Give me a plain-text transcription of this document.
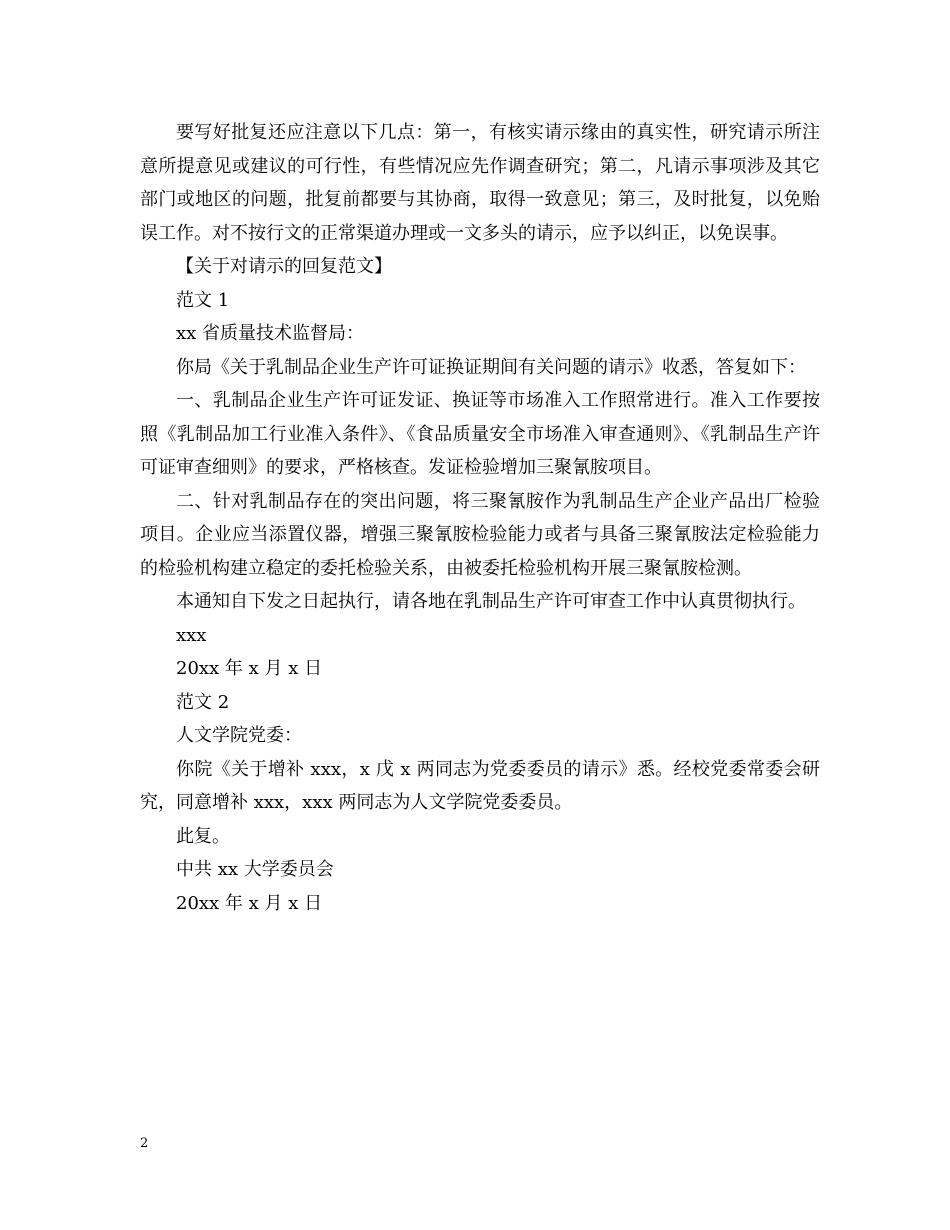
要写好批复还应注意以下几点：第一，有核实请示缘由的真实性，研究请示所注意所提意见或建议的可行性，有些情况应先作调查研究；第二，凡请示事项涉及其它部门或地区的问题，批复前都要与其协商，取得一致意见；第三，及时批复，以免贻误工作。对不按行文的正常渠道办理或一文多头的请示，应予以纠正，以免误事。

【关于对请示的回复范文】

范文 1

xx 省质量技术监督局：

你局《关于乳制品企业生产许可证换证期间有关问题的请示》收悉，答复如下：

一、乳制品企业生产许可证发证、换证等市场准入工作照常进行。准入工作要按照《乳制品加工行业准入条件》、《食品质量安全市场准入审查通则》、《乳制品生产许可证审查细则》的要求，严格核查。发证检验增加三聚氰胺项目。

二、针对乳制品存在的突出问题，将三聚氰胺作为乳制品生产企业产品出厂检验项目。企业应当添置仪器，增强三聚氰胺检验能力或者与具备三聚氰胺法定检验能力的检验机构建立稳定的委托检验关系，由被委托检验机构开展三聚氰胺检测。

本通知自下发之日起执行，请各地在乳制品生产许可审查工作中认真贯彻执行。

xxx

20xx 年 x 月 x 日

范文 2

人文学院党委：

你院《关于增补 xxx，x 戊 x 两同志为党委委员的请示》悉。经校党委常委会研究，同意增补 xxx，xxx 两同志为人文学院党委委员。

此复。

中共 xx 大学委员会

20xx 年 x 月 x 日

2
